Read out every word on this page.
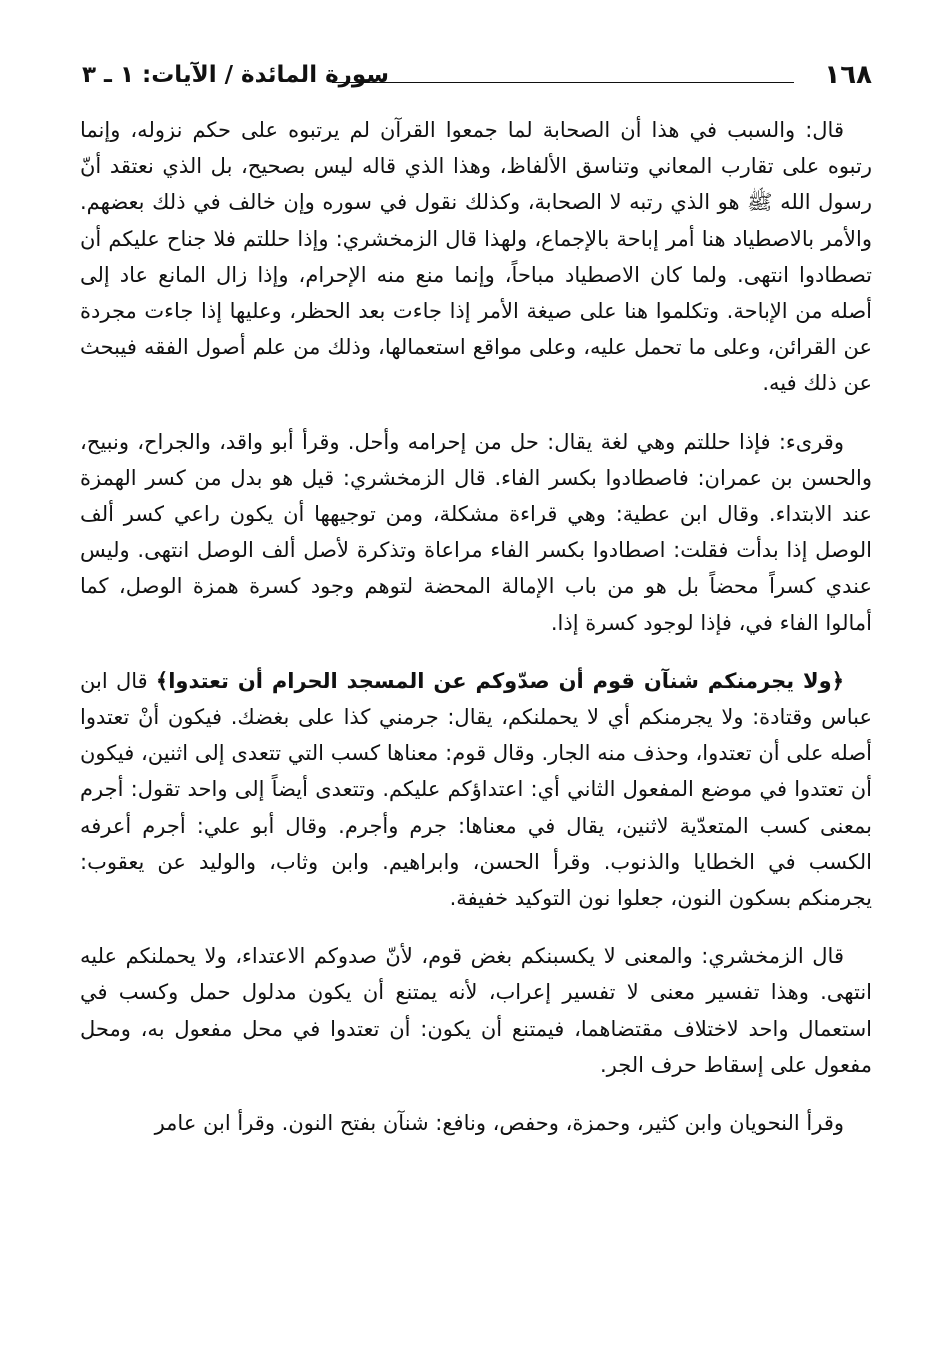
١٦٨
سورة المائدة / الآيات: ١ ـ ٣

قال: والسبب في هذا أن الصحابة لما جمعوا القرآن لم يرتبوه على حكم نزوله، وإنما رتبوه على تقارب المعاني وتناسق الألفاظ، وهذا الذي قاله ليس بصحيح، بل الذي نعتقد أنّ رسول الله ﷺ هو الذي رتبه لا الصحابة، وكذلك نقول في سوره وإن خالف في ذلك بعضهم. والأمر بالاصطياد هنا أمر إباحة بالإجماع، ولهذا قال الزمخشري: وإذا حللتم فلا جناح عليكم أن تصطادوا انتهى. ولما كان الاصطياد مباحاً، وإنما منع منه الإحرام، وإذا زال المانع عاد إلى أصله من الإباحة. وتكلموا هنا على صيغة الأمر إذا جاءت بعد الحظر، وعليها إذا جاءت مجردة عن القرائن، وعلى ما تحمل عليه، وعلى مواقع استعمالها، وذلك من علم أصول الفقه فيبحث عن ذلك فيه.

وقرىء: فإذا حللتم وهي لغة يقال: حل من إحرامه وأحل. وقرأ أبو واقد، والجراح، ونبيح، والحسن بن عمران: فاصطادوا بكسر الفاء. قال الزمخشري: قيل هو بدل من كسر الهمزة عند الابتداء. وقال ابن عطية: وهي قراءة مشكلة، ومن توجيهها أن يكون راعي كسر ألف الوصل إذا بدأت فقلت: اصطادوا بكسر الفاء مراعاة وتذكرة لأصل ألف الوصل انتهى. وليس عندي كسراً محضاً بل هو من باب الإمالة المحضة لتوهم وجود كسرة همزة الوصل، كما أمالوا الفاء في، فإذا لوجود كسرة إذا.

﴿ولا يجرمنكم شنآن قوم أن صدّوكم عن المسجد الحرام أن تعتدوا﴾ قال ابن عباس وقتادة: ولا يجرمنكم أي لا يحملنكم، يقال: جرمني كذا على بغضك. فيكون أنْ تعتدوا أصله على أن تعتدوا، وحذف منه الجار. وقال قوم: معناها كسب التي تتعدى إلى اثنين، فيكون أن تعتدوا في موضع المفعول الثاني أي: اعتداؤكم عليكم. وتتعدى أيضاً إلى واحد تقول: أجرم بمعنى كسب المتعدّية لاثنين، يقال في معناها: جرم وأجرم. وقال أبو علي: أجرم أعرفه الكسب في الخطايا والذنوب. وقرأ الحسن، وابراهيم. وابن وثاب، والوليد عن يعقوب: يجرمنكم بسكون النون، جعلوا نون التوكيد خفيفة.

قال الزمخشري: والمعنى لا يكسبنكم بغض قوم، لأنّ صدوكم الاعتداء، ولا يحملنكم عليه انتهى. وهذا تفسير معنى لا تفسير إعراب، لأنه يمتنع أن يكون مدلول حمل وكسب في استعمال واحد لاختلاف مقتضاهما، فيمتنع أن يكون: أن تعتدوا في محل مفعول به، ومحل مفعول على إسقاط حرف الجر.

وقرأ النحويان وابن كثير، وحمزة، وحفص، ونافع: شنآن بفتح النون. وقرأ ابن عامر
